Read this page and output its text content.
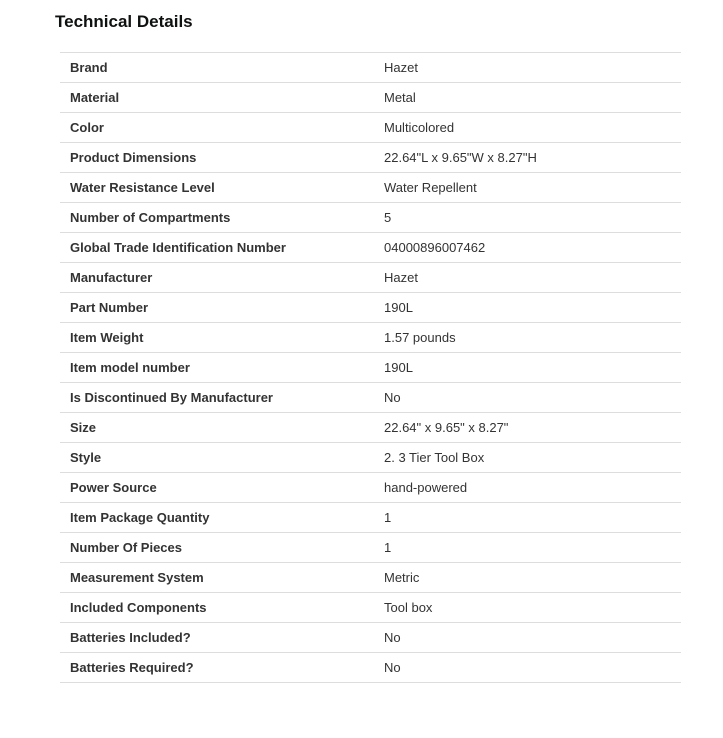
Technical Details
Brand	Hazet
Material	Metal
Color	Multicolored
Product Dimensions	22.64"L x 9.65"W x 8.27"H
Water Resistance Level	Water Repellent
Number of Compartments	5
Global Trade Identification Number	04000896007462
Manufacturer	Hazet
Part Number	190L
Item Weight	1.57 pounds
Item model number	190L
Is Discontinued By Manufacturer	No
Size	22.64" x 9.65" x 8.27"
Style	2. 3 Tier Tool Box
Power Source	hand-powered
Item Package Quantity	1
Number Of Pieces	1
Measurement System	Metric
Included Components	Tool box
Batteries Included?	No
Batteries Required?	No
